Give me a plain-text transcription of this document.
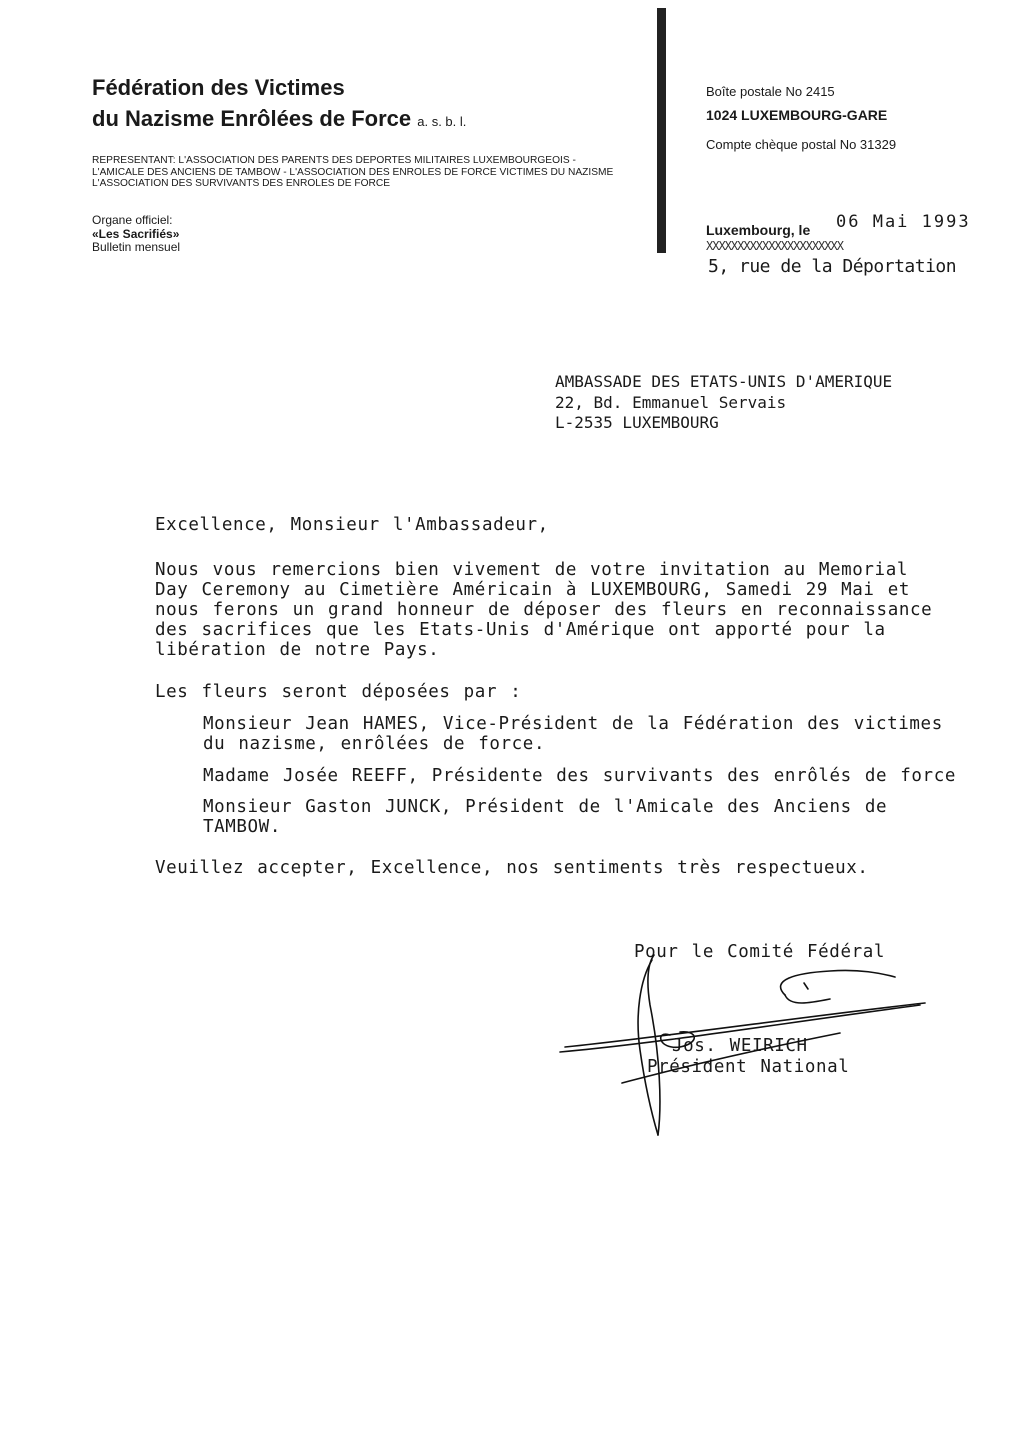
Fédération des Victimes
du Nazisme Enrôlées de Force a. s. b. l.
REPRESENTANT: L'ASSOCIATION DES PARENTS DES DEPORTES MILITAIRES LUXEMBOURGEOIS -
L'AMICALE DES ANCIENS DE TAMBOW - L'ASSOCIATION DES ENROLES DE FORCE VICTIMES DU NAZISME
L'ASSOCIATION DES SURVIVANTS DES ENROLES DE FORCE
Organe officiel:
«Les Sacrifiés»
Bulletin mensuel
Boîte postale No 2415
1024 LUXEMBOURG-GARE
Compte chèque postal No 31329
Luxembourg, le 06 Mai 1993
XXXXXXXXXXXXXXXXXXXXXX
5, rue de la Déportation
AMBASSADE DES ETATS-UNIS D'AMERIQUE
22, Bd. Emmanuel Servais
L-2535 LUXEMBOURG
Excellence, Monsieur l'Ambassadeur,
Nous vous remercions bien vivement de votre invitation au Memorial
Day Ceremony au Cimetière Américain à LUXEMBOURG, Samedi 29 Mai et
nous ferons un grand honneur de déposer des fleurs en reconnaissance
des sacrifices que les Etats-Unis d'Amérique ont apporté pour la
libération de notre Pays.
Les fleurs seront déposées par :
Monsieur Jean HAMES, Vice-Président de la Fédération des victimes
du nazisme, enrôlées de force.
Madame Josée REEFF, Présidente des survivants des enrôlés de force
Monsieur Gaston JUNCK, Président de l'Amicale des Anciens de
TAMBOW.
Veuillez accepter, Excellence, nos sentiments très respectueux.
Pour le Comité Fédéral
Jos. WEIRICH
Président National
